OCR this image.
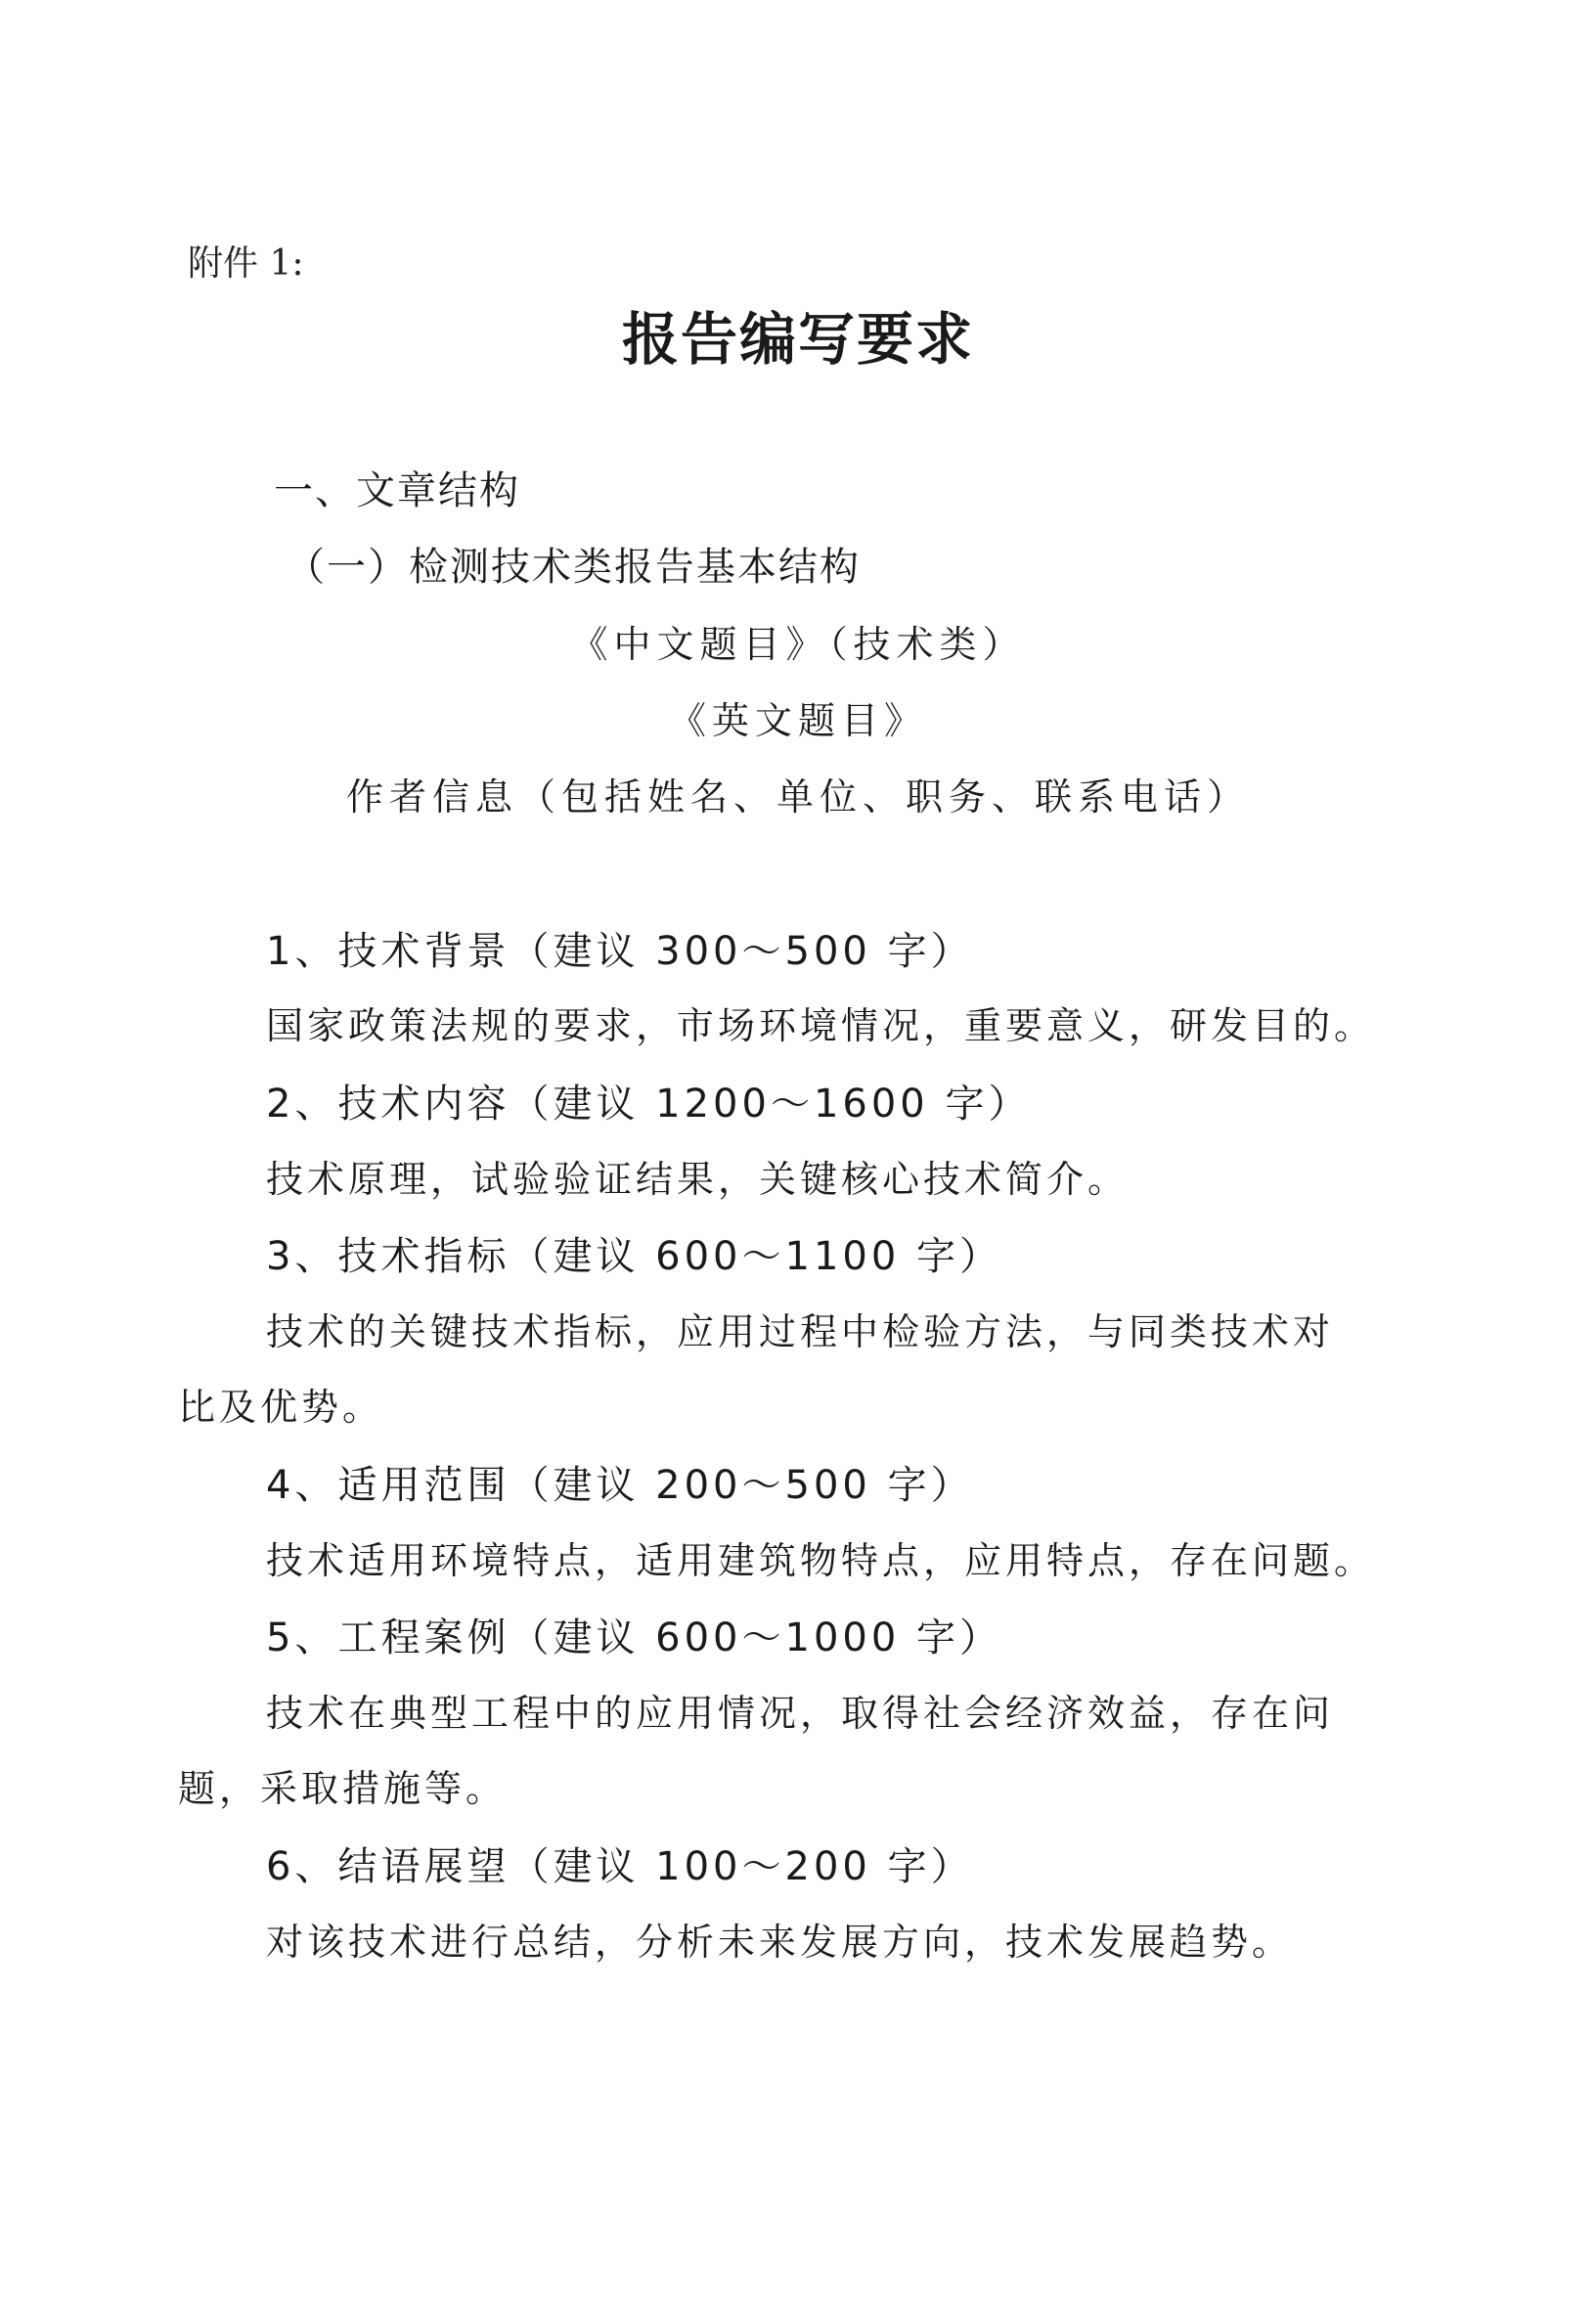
附件 1:
报告编写要求
一、文章结构
（一）检测技术类报告基本结构
《中文题目》（技术类）
《英文题目》
作者信息（包括姓名、单位、职务、联系电话）
1、技术背景（建议 300～500 字）
国家政策法规的要求，市场环境情况，重要意义，研发目的。
2、技术内容（建议 1200～1600 字）
技术原理，试验验证结果，关键核心技术简介。
3、技术指标（建议 600～1100 字）
技术的关键技术指标，应用过程中检验方法，与同类技术对
比及优势。
4、适用范围（建议 200～500 字）
技术适用环境特点，适用建筑物特点，应用特点，存在问题。
5、工程案例（建议 600～1000 字）
技术在典型工程中的应用情况，取得社会经济效益，存在问
题，采取措施等。
6、结语展望（建议 100～200 字）
对该技术进行总结，分析未来发展方向，技术发展趋势。
